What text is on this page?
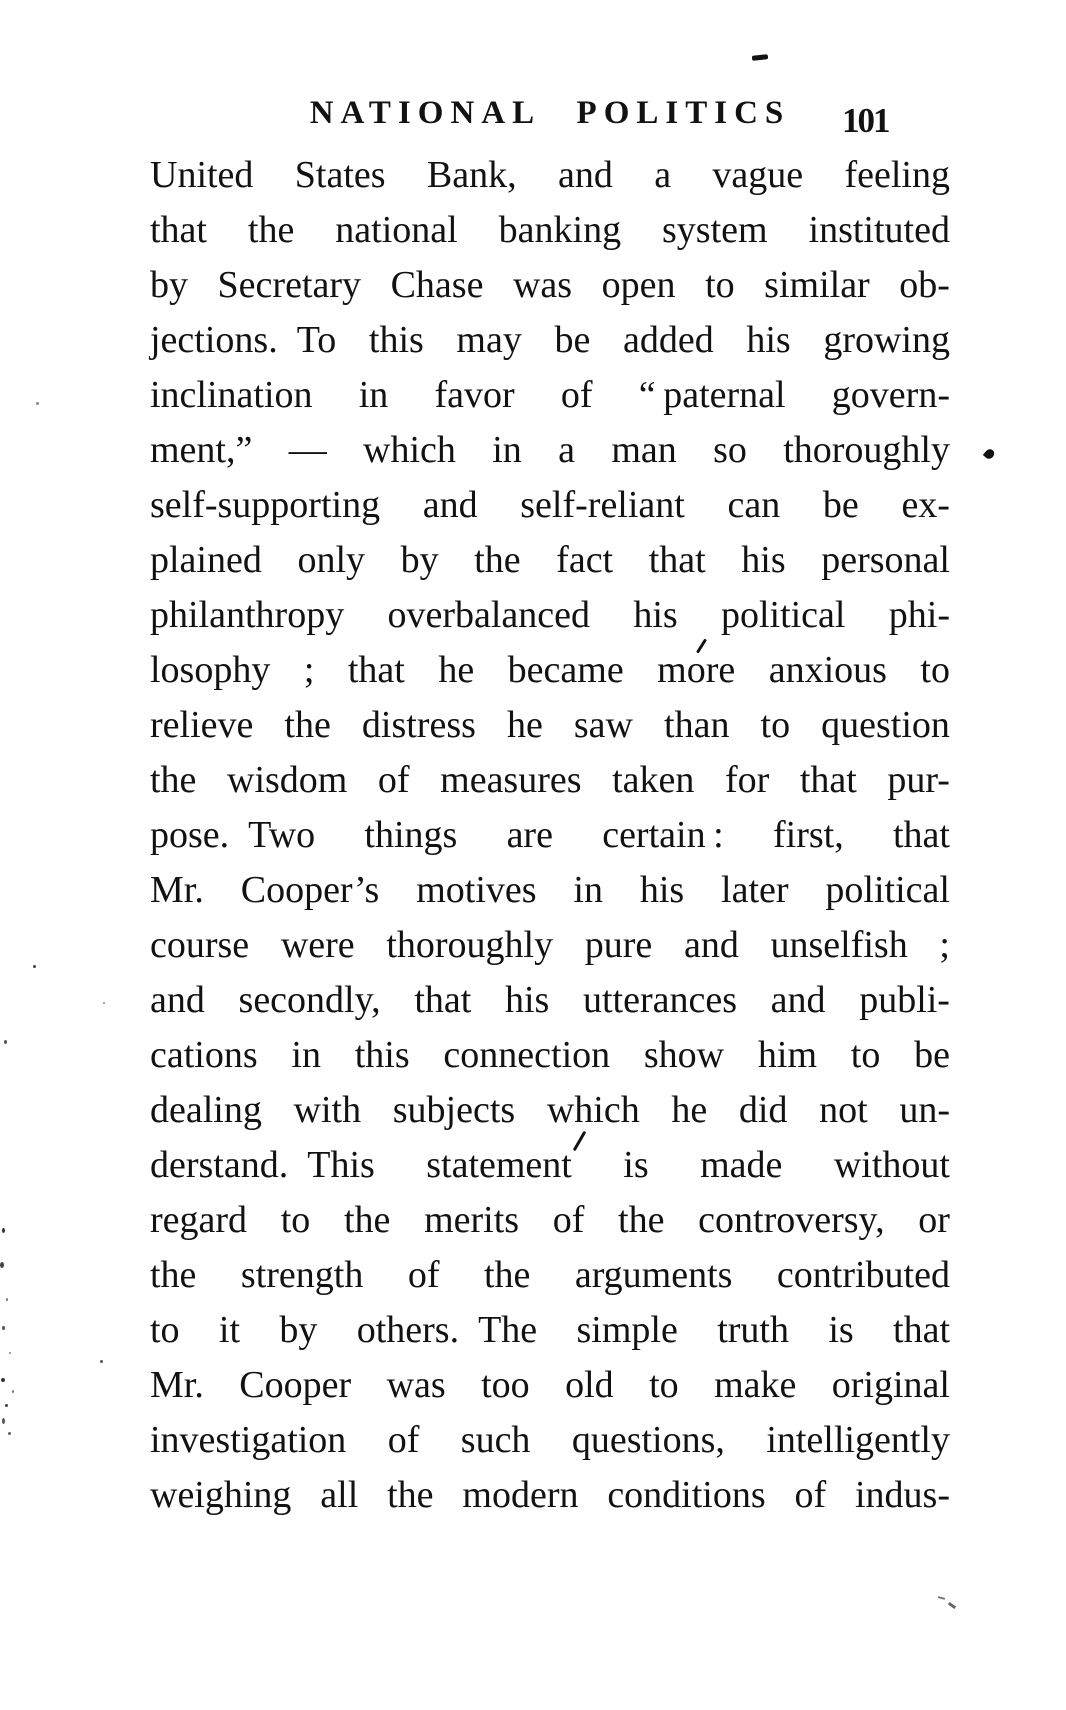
NATIONAL POLITICS	101
United States Bank, and a vague feeling
that the national banking system instituted
by Secretary Chase was open to similar ob-
jections. To this may be added his growing
inclination in favor of “ paternal govern-
ment,” — which in a man so thoroughly
self-supporting and self-reliant can be ex-
plained only by the fact that his personal
philanthropy overbalanced his political phi-
losophy ; that he became more anxious to
relieve the distress he saw than to question
the wisdom of measures taken for that pur-
pose. Two things are certain : first, that
Mr. Cooper’s motives in his later political
course were thoroughly pure and unselfish ;
and secondly, that his utterances and publi-
cations in this connection show him to be
dealing with subjects which he did not un-
derstand. This statement is made without
regard to the merits of the controversy, or
the strength of the arguments contributed
to it by others. The simple truth is that
Mr. Cooper was too old to make original
investigation of such questions, intelligently
weighing all the modern conditions of indus-
